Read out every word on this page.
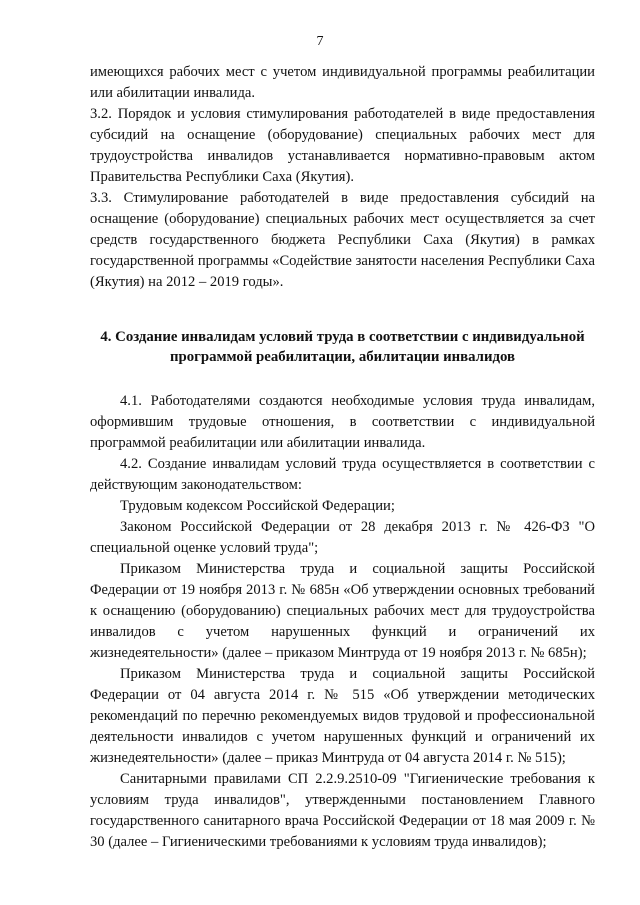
7

имеющихся рабочих мест с учетом индивидуальной программы реабилитации или абилитации инвалида.

3.2. Порядок и условия стимулирования работодателей в виде предоставления субсидий на оснащение (оборудование) специальных рабочих мест для трудоустройства инвалидов устанавливается нормативно-правовым актом Правительства Республики Саха (Якутия).

3.3. Стимулирование работодателей в виде предоставления субсидий на оснащение (оборудование) специальных рабочих мест осуществляется за счет средств государственного бюджета Республики Саха (Якутия) в рамках государственной программы «Содействие занятости населения Республики Саха (Якутия) на 2012 – 2019 годы».

4. Создание инвалидам условий труда в соответствии с индивидуальной программой реабилитации, абилитации инвалидов

4.1. Работодателями создаются необходимые условия труда инвалидам, оформившим трудовые отношения, в соответствии с индивидуальной программой реабилитации или абилитации инвалида.

4.2. Создание инвалидам условий труда осуществляется в соответствии с действующим законодательством:

Трудовым кодексом Российской Федерации;

Законом Российской Федерации от 28 декабря 2013 г. № 426-ФЗ "О специальной оценке условий труда";

Приказом Министерства труда и социальной защиты Российской Федерации от 19 ноября 2013 г. № 685н «Об утверждении основных требований к оснащению (оборудованию) специальных рабочих мест для трудоустройства инвалидов с учетом нарушенных функций и ограничений их жизнедеятельности» (далее – приказом Минтруда от 19 ноября 2013 г. № 685н);

Приказом Министерства труда и социальной защиты Российской Федерации от 04 августа 2014 г. № 515 «Об утверждении методических рекомендаций по перечню рекомендуемых видов трудовой и профессиональной деятельности инвалидов с учетом нарушенных функций и ограничений их жизнедеятельности» (далее – приказ Минтруда от 04 августа 2014 г. № 515);

Санитарными правилами СП 2.2.9.2510-09 "Гигиенические требования к условиям труда инвалидов", утвержденными постановлением Главного государственного санитарного врача Российской Федерации от 18 мая 2009 г. № 30 (далее – Гигиеническими требованиями к условиям труда инвалидов);
